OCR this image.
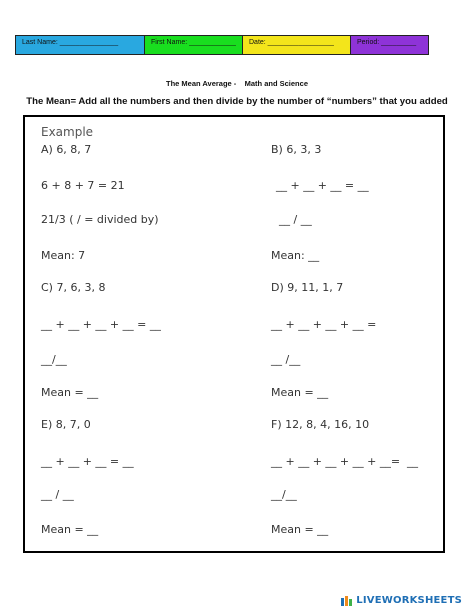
Last Name: _______________	First Name: ____________	Date: _________________	Period: _________
The Mean Average -    Math and Science
The Mean= Add all the numbers and then divide by the number of “numbers” that you added
Example
A) 6, 8, 7
6 + 8 + 7 = 21
21/3 ( / = divided by)
Mean: 7
C) 7, 6, 3, 8
__ + __ + __ + __ = __
__/__
Mean = __
E) 8, 7, 0
__ + __ + __ = __
__ / __
Mean = __
B) 6, 3, 3
__ + __ + __ = __
__ / __
Mean: __
D) 9, 11, 1, 7
__ + __ + __ + __ =
__ /__
Mean = __
F) 12, 8, 4, 16, 10
__ + __ + __ + __ + __=  __
__/__
Mean = __
LIVEWORKSHEETS
